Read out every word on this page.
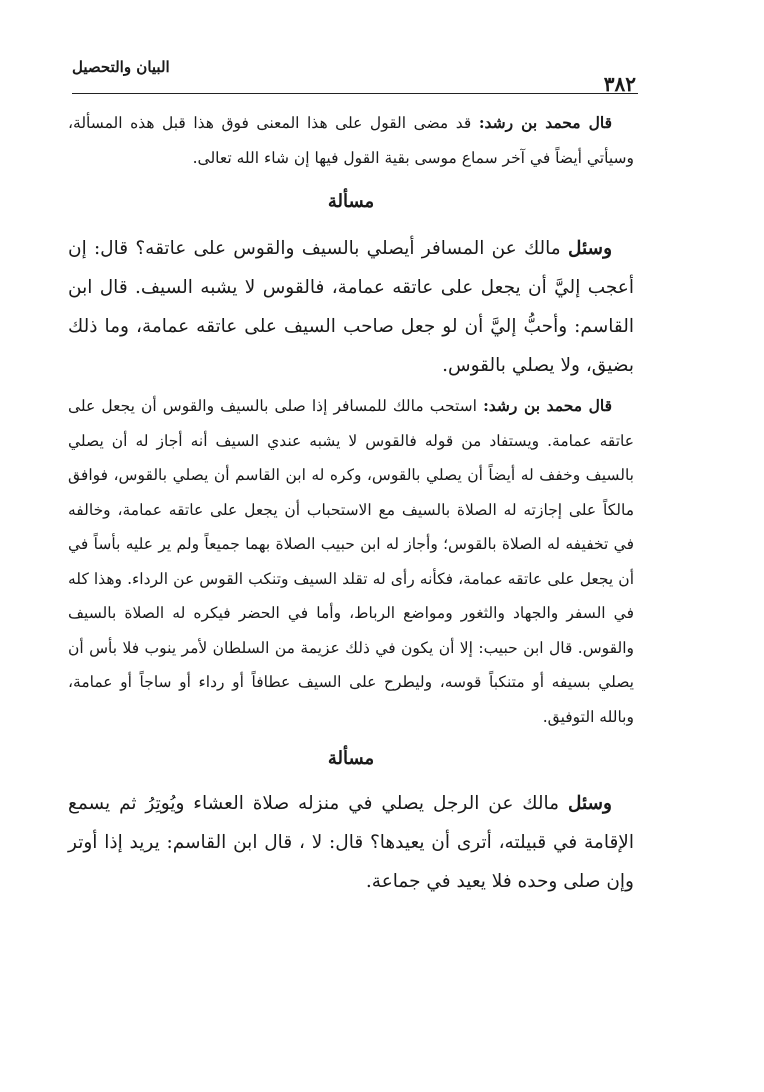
البيان والتحصيل
٣٨٢

قال محمد بن رشد: قد مضى القول على هذا المعنى فوق هذا قبل هذه المسألة، وسيأتي أيضاً في آخر سماع موسى بقية القول فيها إن شاء الله تعالى.

مسألة

وسئل مالك عن المسافر أيصلي بالسيف والقوس على عاتقه؟ قال: إن أعجب إليَّ أن يجعل على عاتقه عمامة، فالقوس لا يشبه السيف. قال ابن القاسم: وأحبُّ إليَّ أن لو جعل صاحب السيف على عاتقه عمامة، وما ذلك بضيق، ولا يصلي بالقوس.

قال محمد بن رشد: استحب مالك للمسافر إذا صلى بالسيف والقوس أن يجعل على عاتقه عمامة. ويستفاد من قوله فالقوس لا يشبه عندي السيف أنه أجاز له أن يصلي بالسيف وخفف له أيضاً أن يصلي بالقوس، وكره له ابن القاسم أن يصلي بالقوس، فوافق مالكاً على إجازته له الصلاة بالسيف مع الاستحباب أن يجعل على عاتقه عمامة، وخالفه في تخفيفه له الصلاة بالقوس؛ وأجاز له ابن حبيب الصلاة بهما جميعاً ولم ير عليه بأساً في أن يجعل على عاتقه عمامة، فكأنه رأى له تقلد السيف وتنكب القوس عن الرداء. وهذا كله في السفر والجهاد والثغور ومواضع الرباط، وأما في الحضر فيكره له الصلاة بالسيف والقوس. قال ابن حبيب: إلا أن يكون في ذلك عزيمة من السلطان لأمر ينوب فلا بأس أن يصلي بسيفه أو متنكباً قوسه، وليطرح على السيف عطافاً أو رداء أو ساجاً أو عمامة، وبالله التوفيق.

مسألة

وسئل مالك عن الرجل يصلي في منزله صلاة العشاء ويُوتِرُ ثم يسمع الإقامة في قبيلته، أترى أن يعيدها؟ قال: لا ، قال ابن القاسم: يريد إذا أوتر وإن صلى وحده فلا يعيد في جماعة.
